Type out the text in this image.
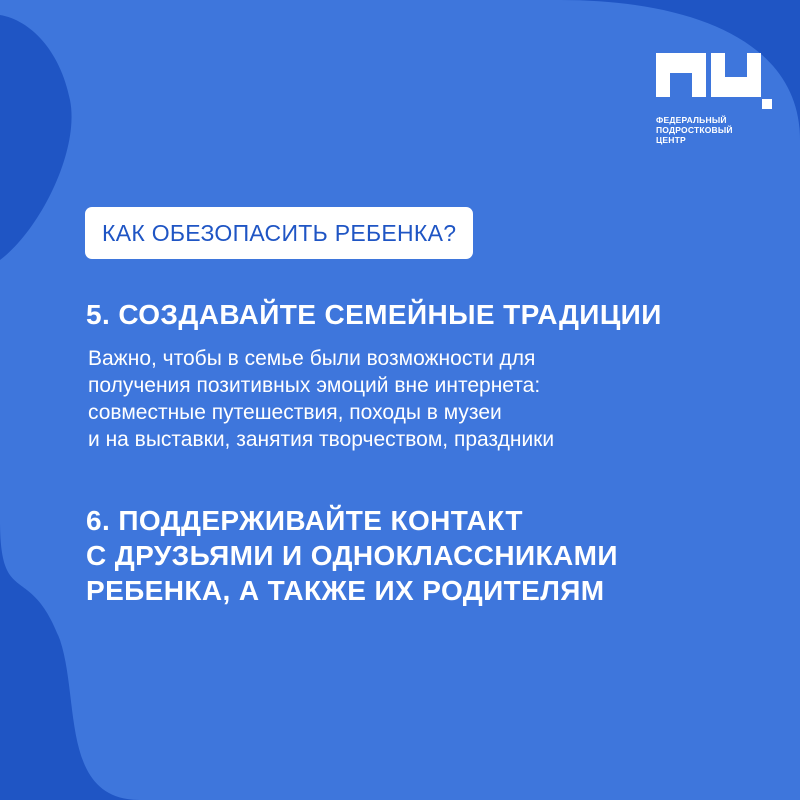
ФЕДЕРАЛЬНЫЙ
ПОДРОСТКОВЫЙ
ЦЕНТР
КАК ОБЕЗОПАСИТЬ РЕБЕНКА?
5. СОЗДАВАЙТЕ СЕМЕЙНЫЕ ТРАДИЦИИ
Важно, чтобы в семье были возможности для
получения позитивных эмоций вне интернета:
совместные путешествия, походы в музеи
и на выставки, занятия творчеством, праздники
6. ПОДДЕРЖИВАЙТЕ КОНТАКТ
С ДРУЗЬЯМИ И ОДНОКЛАССНИКАМИ
РЕБЕНКА, А ТАКЖЕ ИХ РОДИТЕЛЯМ
